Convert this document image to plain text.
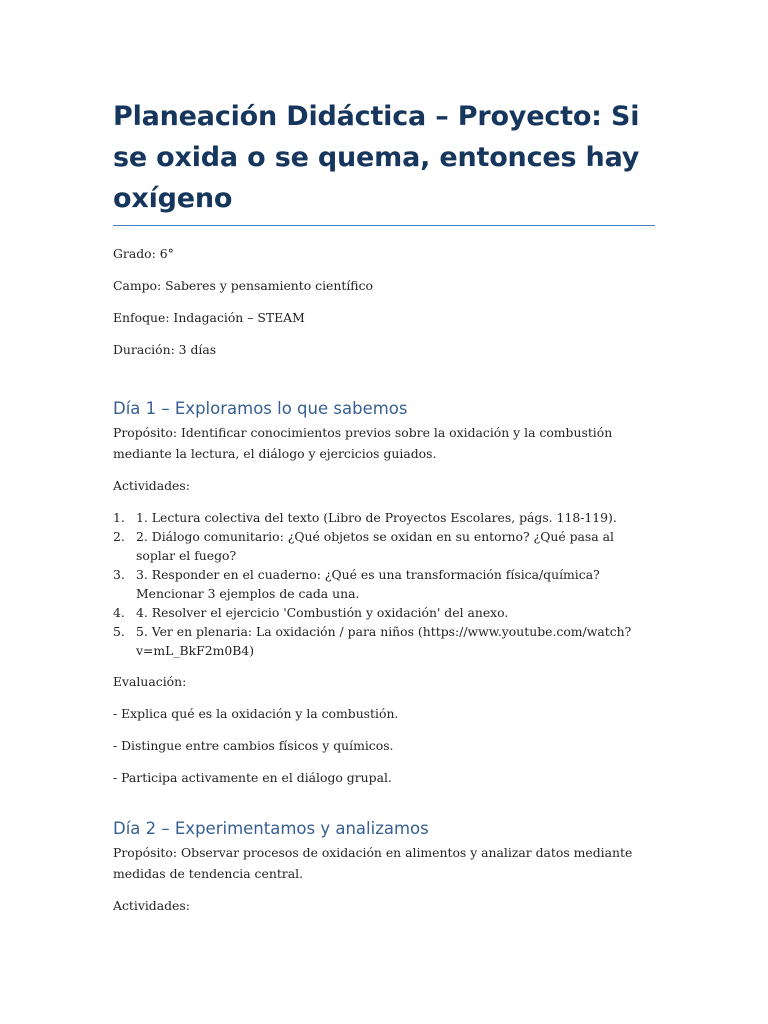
Planeación Didáctica – Proyecto: Si se oxida o se quema, entonces hay oxígeno

Grado: 6°

Campo: Saberes y pensamiento científico

Enfoque: Indagación – STEAM

Duración: 3 días

Día 1 – Exploramos lo que sabemos

Propósito: Identificar conocimientos previos sobre la oxidación y la combustión mediante la lectura, el diálogo y ejercicios guiados.

Actividades:

1. 1. Lectura colectiva del texto (Libro de Proyectos Escolares, págs. 118-119).
2. 2. Diálogo comunitario: ¿Qué objetos se oxidan en su entorno? ¿Qué pasa al soplar el fuego?
3. 3. Responder en el cuaderno: ¿Qué es una transformación física/química? Mencionar 3 ejemplos de cada una.
4. 4. Resolver el ejercicio 'Combustión y oxidación' del anexo.
5. 5. Ver en plenaria: La oxidación / para niños (https://www.youtube.com/watch?v=mL_BkF2m0B4)

Evaluación:

- Explica qué es la oxidación y la combustión.

- Distingue entre cambios físicos y químicos.

- Participa activamente en el diálogo grupal.

Día 2 – Experimentamos y analizamos

Propósito: Observar procesos de oxidación en alimentos y analizar datos mediante medidas de tendencia central.

Actividades:
